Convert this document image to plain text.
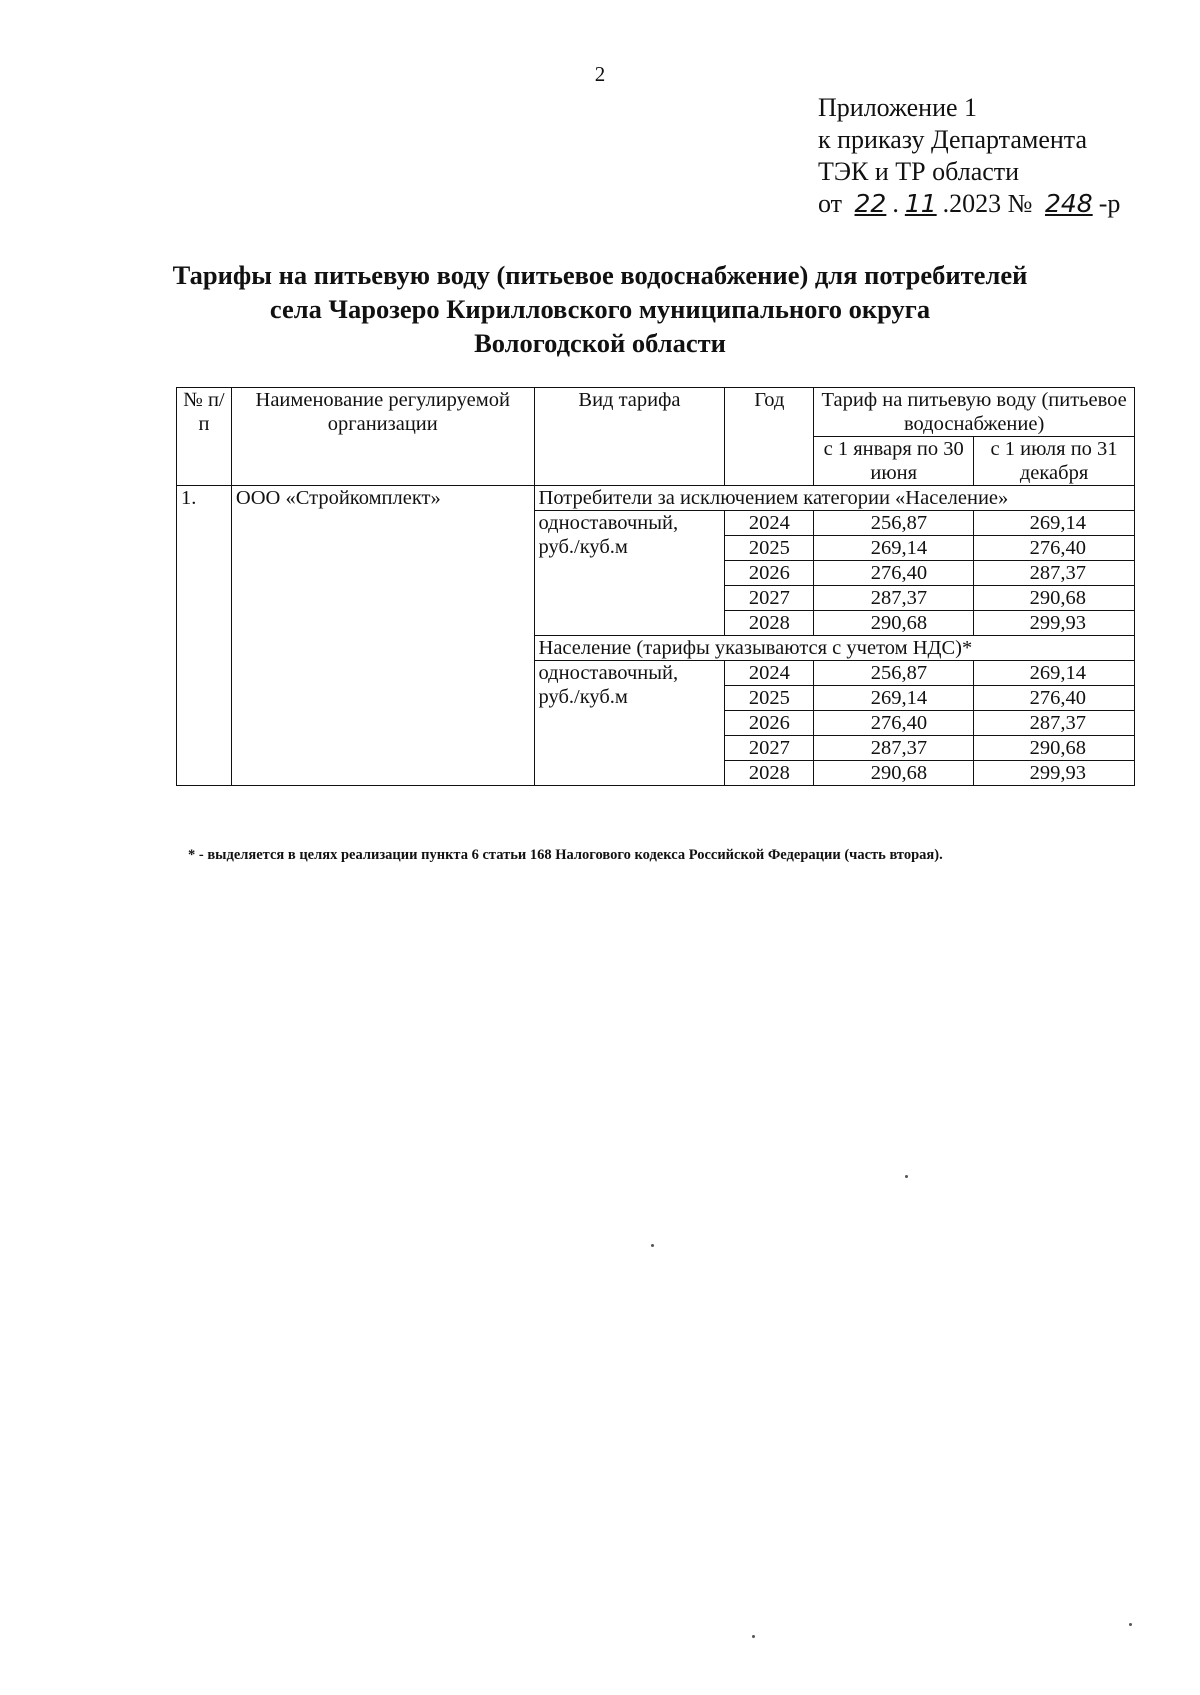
2
Приложение 1
к приказу Департамента
ТЭК и ТР области
от 22 . 11 .2023 № 248 -р
Тарифы на питьевую воду (питьевое водоснабжение) для потребителей
села Чарозеро Кирилловского муниципального округа
Вологодской области
№ п/п	Наименование регулируемой организации	Вид тарифа	Год	Тариф на питьевую воду (питьевое водоснабжение)	
				с 1 января по 30 июня	с 1 июля по 31 декабря
1.	ООО «Стройкомплект»	Потребители за исключением категории «Население»			
		одноставочный, руб./куб.м	2024	256,87	269,14
			2025	269,14	276,40
			2026	276,40	287,37
			2027	287,37	290,68
			2028	290,68	299,93
		Население (тарифы указываются с учетом НДС)*			
		одноставочный, руб./куб.м	2024	256,87	269,14
			2025	269,14	276,40
			2026	276,40	287,37
			2027	287,37	290,68
			2028	290,68	299,93
* - выделяется в целях реализации пункта 6 статьи 168 Налогового кодекса Российской Федерации (часть вторая).
